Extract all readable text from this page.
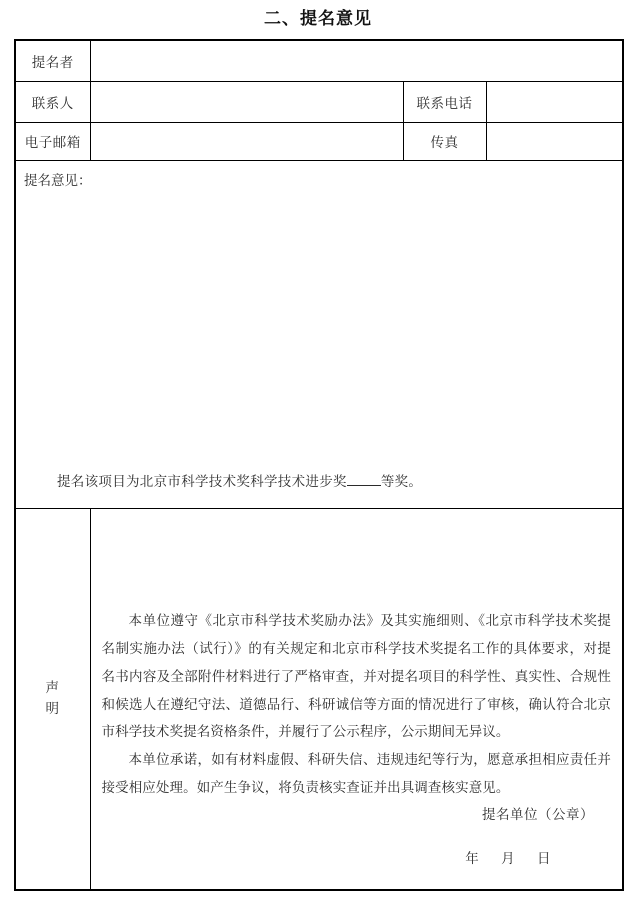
二、提名意见
提名者			
联系人		联系电话	
电子邮箱		传真	

提名意见：
提名该项目为北京市科学技术奖科学技术进步奖 等奖。			

声
明	

本单位遵守《北京市科学技术奖励办法》及其实施细则、《北京市科学技术奖提名制实施办法（试行）》的有关规定和北京市科学技术奖提名工作的具体要求，对提名书内容及全部附件材料进行了严格审查，并对提名项目的科学性、真实性、合规性和候选人在遵纪守法、道德品行、科研诚信等方面的情况进行了审核，确认符合北京市科学技术奖提名资格条件，并履行了公示程序，公示期间无异议。

本单位承诺，如有材料虚假、科研失信、违规违纪等行为，愿意承担相应责任并接受相应处理。如产生争议，将负责核实查证并出具调查核实意见。

提名单位（公章）
年 月 日
